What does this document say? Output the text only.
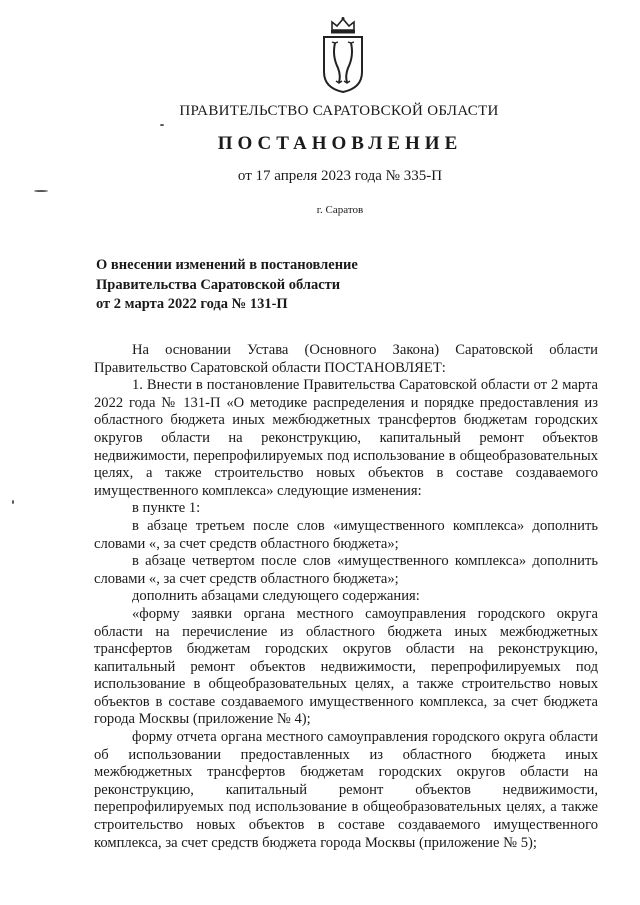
ПРАВИТЕЛЬСТВО САРАТОВСКОЙ ОБЛАСТИ
ПОСТАНОВЛЕНИЕ
от 17 апреля 2023 года № 335-П
г. Саратов
О внесении изменений в постановление
Правительства Саратовской области
от 2 марта 2022 года № 131-П

На основании Устава (Основного Закона) Саратовской области Правительство Саратовской области ПОСТАНОВЛЯЕТ:

1. Внести в постановление Правительства Саратовской области от 2 марта 2022 года № 131-П «О методике распределения и порядке предоставления из областного бюджета иных межбюджетных трансфертов бюджетам городских округов области на реконструкцию, капитальный ремонт объектов недвижимости, перепрофилируемых под использование в общеобразовательных целях, а также строительство новых объектов в составе создаваемого имущественного комплекса» следующие изменения:

в пункте 1:

в абзаце третьем после слов «имущественного комплекса» дополнить словами «, за счет средств областного бюджета»;

в абзаце четвертом после слов «имущественного комплекса» дополнить словами «, за счет средств областного бюджета»;

дополнить абзацами следующего содержания:

«форму заявки органа местного самоуправления городского округа области на перечисление из областного бюджета иных межбюджетных трансфертов бюджетам городских округов области на реконструкцию, капитальный ремонт объектов недвижимости, перепрофилируемых под использование в общеобразовательных целях, а также строительство новых объектов в составе создаваемого имущественного комплекса, за счет бюджета города Москвы (приложение № 4);

форму отчета органа местного самоуправления городского округа области об использовании предоставленных из областного бюджета иных межбюджетных трансфертов бюджетам городских округов области на реконструкцию, капитальный ремонт объектов недвижимости, перепрофилируемых под использование в общеобразовательных целях, а также строительство новых объектов в составе создаваемого имущественного комплекса, за счет средств бюджета города Москвы (приложение № 5);
